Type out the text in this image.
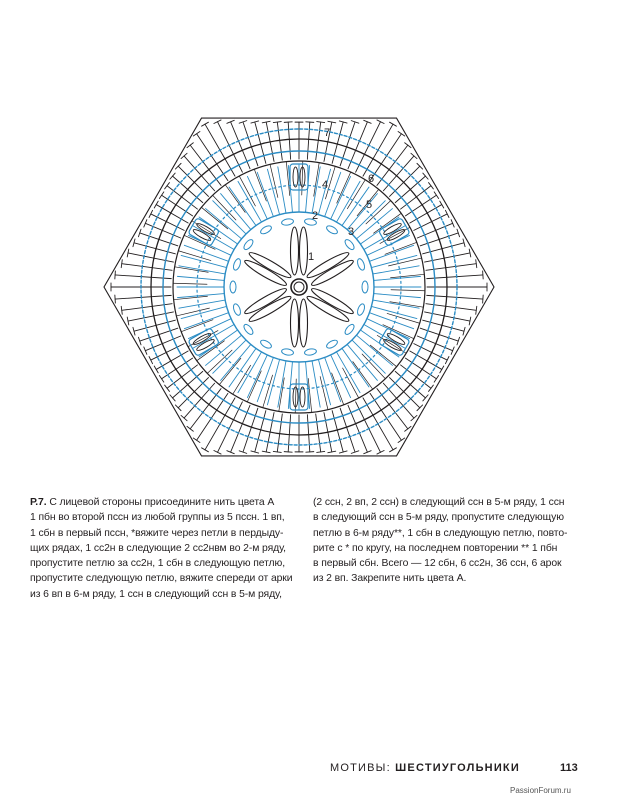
1
2
3
4
5
6
7
Р.7. С лицевой стороны присоедините нить цвета А
1 пбн во второй пссн из любой группы из 5 пссн. 1 вп,
1 сбн в первый пссн, *вяжите через петли в пердыду-
щих рядах, 1 сс2н в следующие 2 сс2нвм во 2-м ряду,
пропустите петлю за сс2н, 1 сбн в следующую петлю,
пропустите следующую петлю, вяжите спереди от арки
из 6 вп в 6-м ряду, 1 ссн в следующий ссн в 5-м ряду,
(2 ссн, 2 вп, 2 ссн) в следующий ссн в 5-м ряду, 1 ссн
в следующий ссн в 5-м ряду, пропустите следующую
петлю в 6-м ряду**, 1 сбн в следующую петлю, повто-
рите с * по кругу, на последнем повторении ** 1 пбн
в первый сбн. Всего — 12 сбн, 6 сс2н, 36 ссн, 6 арок
из 2 вп. Закрепите нить цвета А.
МОТИВЫ: ШЕСТИУГОЛЬНИКИ	113
PassionForum.ru
